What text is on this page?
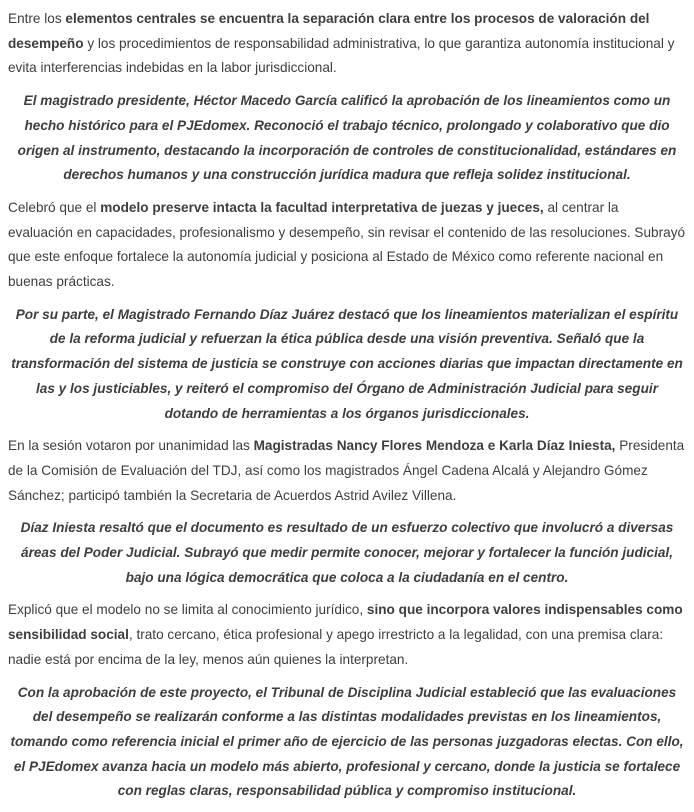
Entre los elementos centrales se encuentra la separación clara entre los procesos de valoración del desempeño y los procedimientos de responsabilidad administrativa, lo que garantiza autonomía institucional y evita interferencias indebidas en la labor jurisdiccional.

El magistrado presidente, Héctor Macedo García calificó la aprobación de los lineamientos como un hecho histórico para el PJEdomex. Reconoció el trabajo técnico, prolongado y colaborativo que dio origen al instrumento, destacando la incorporación de controles de constitucionalidad, estándares en derechos humanos y una construcción jurídica madura que refleja solidez institucional.

Celebró que el modelo preserve intacta la facultad interpretativa de juezas y jueces, al centrar la evaluación en capacidades, profesionalismo y desempeño, sin revisar el contenido de las resoluciones. Subrayó que este enfoque fortalece la autonomía judicial y posiciona al Estado de México como referente nacional en buenas prácticas.

Por su parte, el Magistrado Fernando Díaz Juárez destacó que los lineamientos materializan el espíritu de la reforma judicial y refuerzan la ética pública desde una visión preventiva. Señaló que la transformación del sistema de justicia se construye con acciones diarias que impactan directamente en las y los justiciables, y reiteró el compromiso del Órgano de Administración Judicial para seguir dotando de herramientas a los órganos jurisdiccionales.

En la sesión votaron por unanimidad las Magistradas Nancy Flores Mendoza e Karla Díaz Iniesta, Presidenta de la Comisión de Evaluación del TDJ, así como los magistrados Ángel Cadena Alcalá y Alejandro Gómez Sánchez; participó también la Secretaria de Acuerdos Astrid Avilez Villena.

Díaz Iniesta resaltó que el documento es resultado de un esfuerzo colectivo que involucró a diversas áreas del Poder Judicial. Subrayó que medir permite conocer, mejorar y fortalecer la función judicial, bajo una lógica democrática que coloca a la ciudadanía en el centro.

Explicó que el modelo no se limita al conocimiento jurídico, sino que incorpora valores indispensables como sensibilidad social, trato cercano, ética profesional y apego irrestricto a la legalidad, con una premisa clara: nadie está por encima de la ley, menos aún quienes la interpretan.

Con la aprobación de este proyecto, el Tribunal de Disciplina Judicial estableció que las evaluaciones del desempeño se realizarán conforme a las distintas modalidades previstas en los lineamientos, tomando como referencia inicial el primer año de ejercicio de las personas juzgadoras electas. Con ello, el PJEdomex avanza hacia un modelo más abierto, profesional y cercano, donde la justicia se fortalece con reglas claras, responsabilidad pública y compromiso institucional.
